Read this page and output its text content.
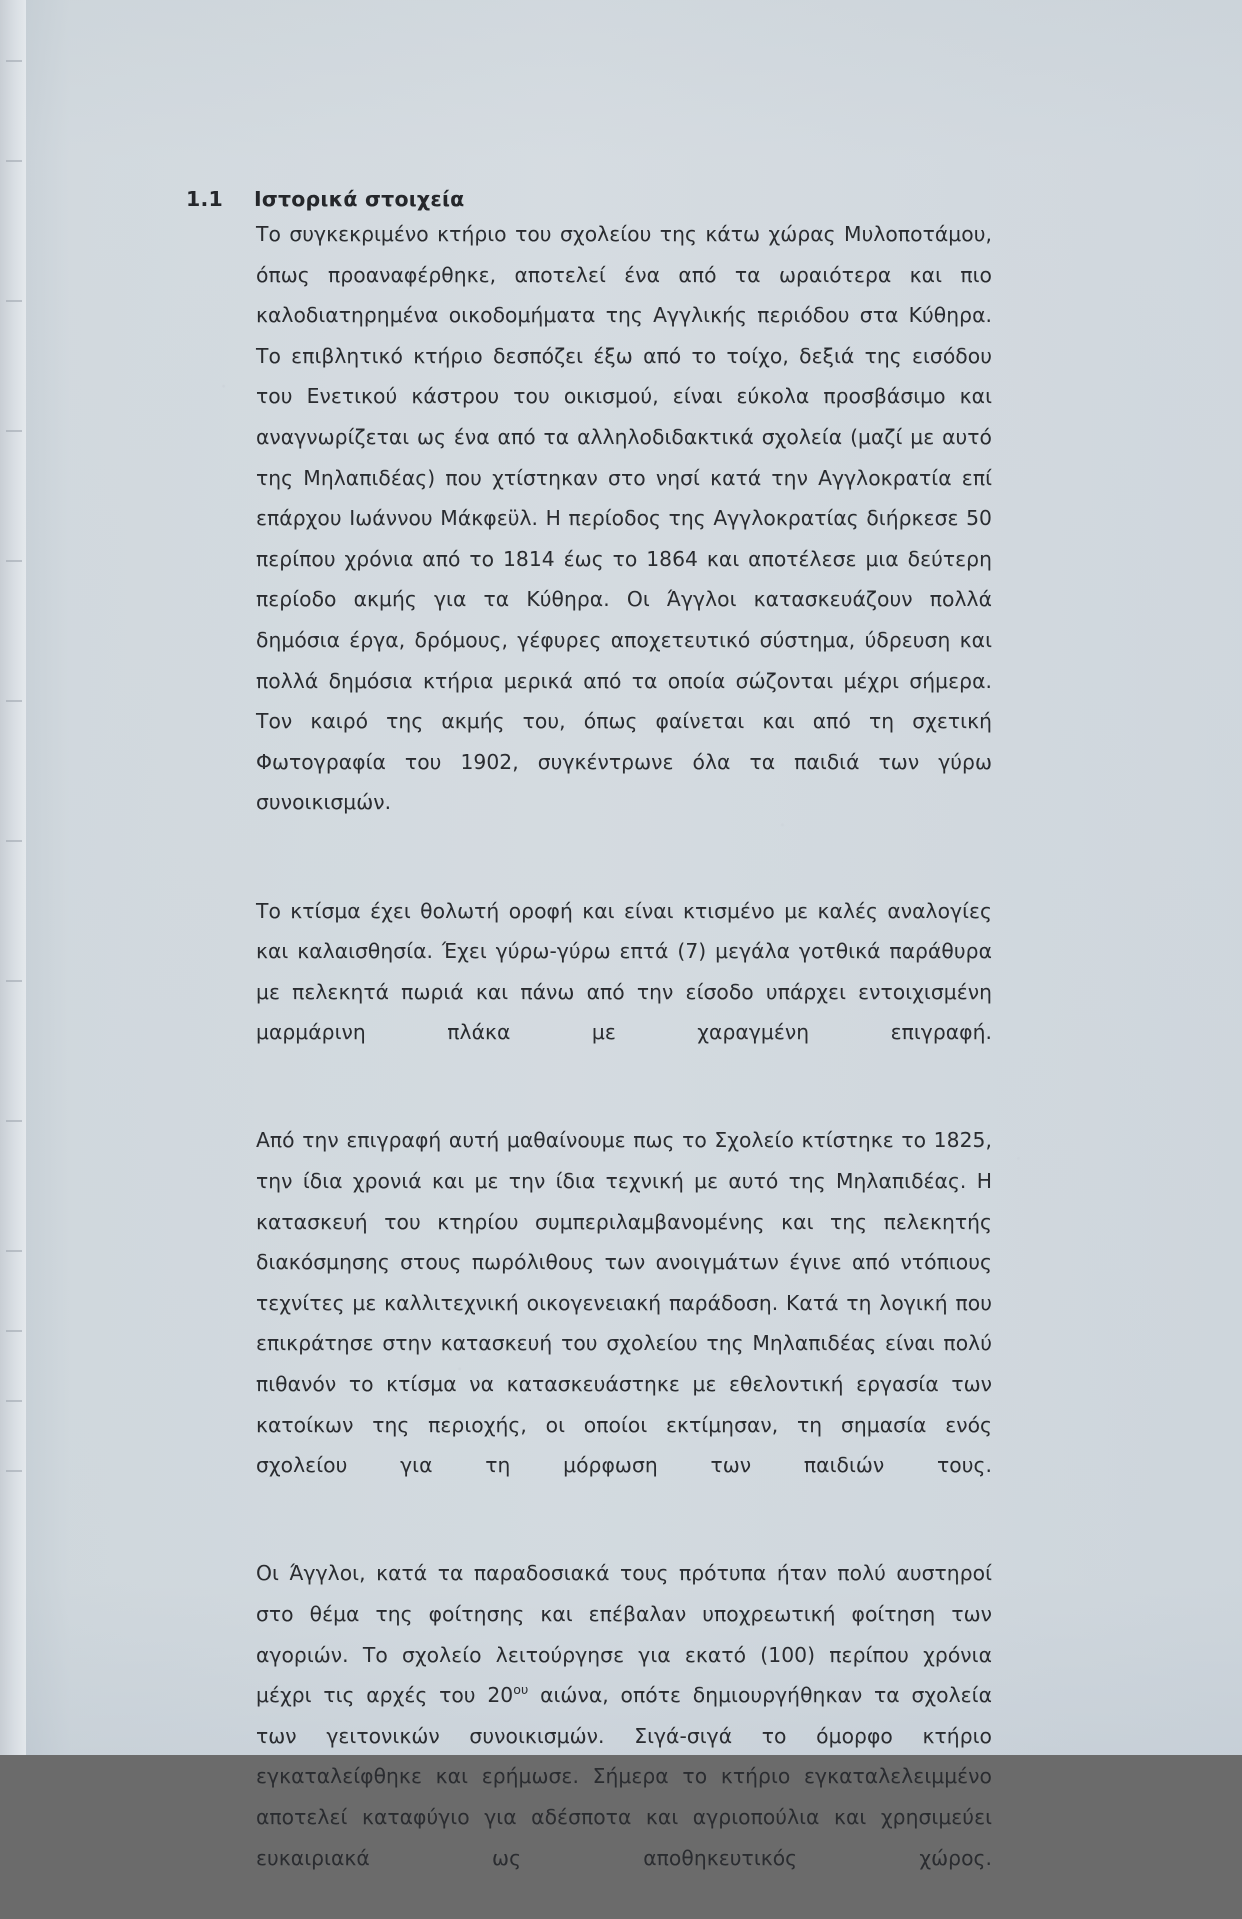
1.1	Ιστορικά στοιχεία

Το συγκεκριμένο κτήριο του σχολείου της κάτω χώρας Μυλοποτάμου, όπως προαναφέρθηκε, αποτελεί ένα από τα ωραιότερα και πιο καλοδιατηρημένα οικοδομήματα της Αγγλικής περιόδου στα Κύθηρα. Το επιβλητικό κτήριο δεσπόζει έξω από το τοίχο, δεξιά της εισόδου του Ενετικού κάστρου του οικισμού, είναι εύκολα προσβάσιμο και αναγνωρίζεται ως ένα από τα αλληλοδιδακτικά σχολεία (μαζί με αυτό της Μηλαπιδέας) που χτίστηκαν στο νησί κατά την Αγγλοκρατία επί επάρχου Ιωάννου Μάκφεϋλ. Η περίοδος της Αγγλοκρατίας διήρκεσε 50 περίπου χρόνια από το 1814 έως το 1864 και αποτέλεσε μια δεύτερη περίοδο ακμής για τα Κύθηρα. Οι Άγγλοι κατασκευάζουν πολλά δημόσια έργα, δρόμους, γέφυρες αποχετευτικό σύστημα, ύδρευση και πολλά δημόσια κτήρια μερικά από τα οποία σώζονται μέχρι σήμερα. Τον καιρό της ακμής του, όπως φαίνεται και από τη σχετική Φωτογραφία του 1902, συγκέντρωνε όλα τα παιδιά των γύρω συνοικισμών.

Το κτίσμα έχει θολωτή οροφή και είναι κτισμένο με καλές αναλογίες και καλαισθησία. Έχει γύρω-γύρω επτά (7) μεγάλα γοτθικά παράθυρα με πελεκητά πωριά και πάνω από την είσοδο υπάρχει εντοιχισμένη μαρμάρινη πλάκα με χαραγμένη επιγραφή.

Από την επιγραφή αυτή μαθαίνουμε πως το Σχολείο κτίστηκε το 1825, την ίδια χρονιά και με την ίδια τεχνική με αυτό της Μηλαπιδέας. Η κατασκευή του κτηρίου συμπεριλαμβανομένης και της πελεκητής διακόσμησης στους πωρόλιθους των ανοιγμάτων έγινε από ντόπιους τεχνίτες με καλλιτεχνική οικογενειακή παράδοση. Κατά τη λογική που επικράτησε στην κατασκευή του σχολείου της Μηλαπιδέας είναι πολύ πιθανόν το κτίσμα να κατασκευάστηκε με εθελοντική εργασία των κατοίκων της περιοχής, οι οποίοι εκτίμησαν, τη σημασία ενός σχολείου για τη μόρφωση των παιδιών τους.

Οι Άγγλοι, κατά τα παραδοσιακά τους πρότυπα ήταν πολύ αυστηροί στο θέμα της φοίτησης και επέβαλαν υποχρεωτική φοίτηση των αγοριών. Το σχολείο λειτούργησε για εκατό (100) περίπου χρόνια μέχρι τις αρχές του $20^{o\upsilon}$ αιώνα, οπότε δημιουργήθηκαν τα σχολεία των γειτονικών συνοικισμών. Σιγά-σιγά το όμορφο κτήριο εγκαταλείφθηκε και ερήμωσε. Σήμερα το κτήριο εγκαταλελειμμένο αποτελεί καταφύγιο για αδέσποτα και αγριοπούλια και χρησιμεύει ευκαιριακά ως αποθηκευτικός χώρος.
